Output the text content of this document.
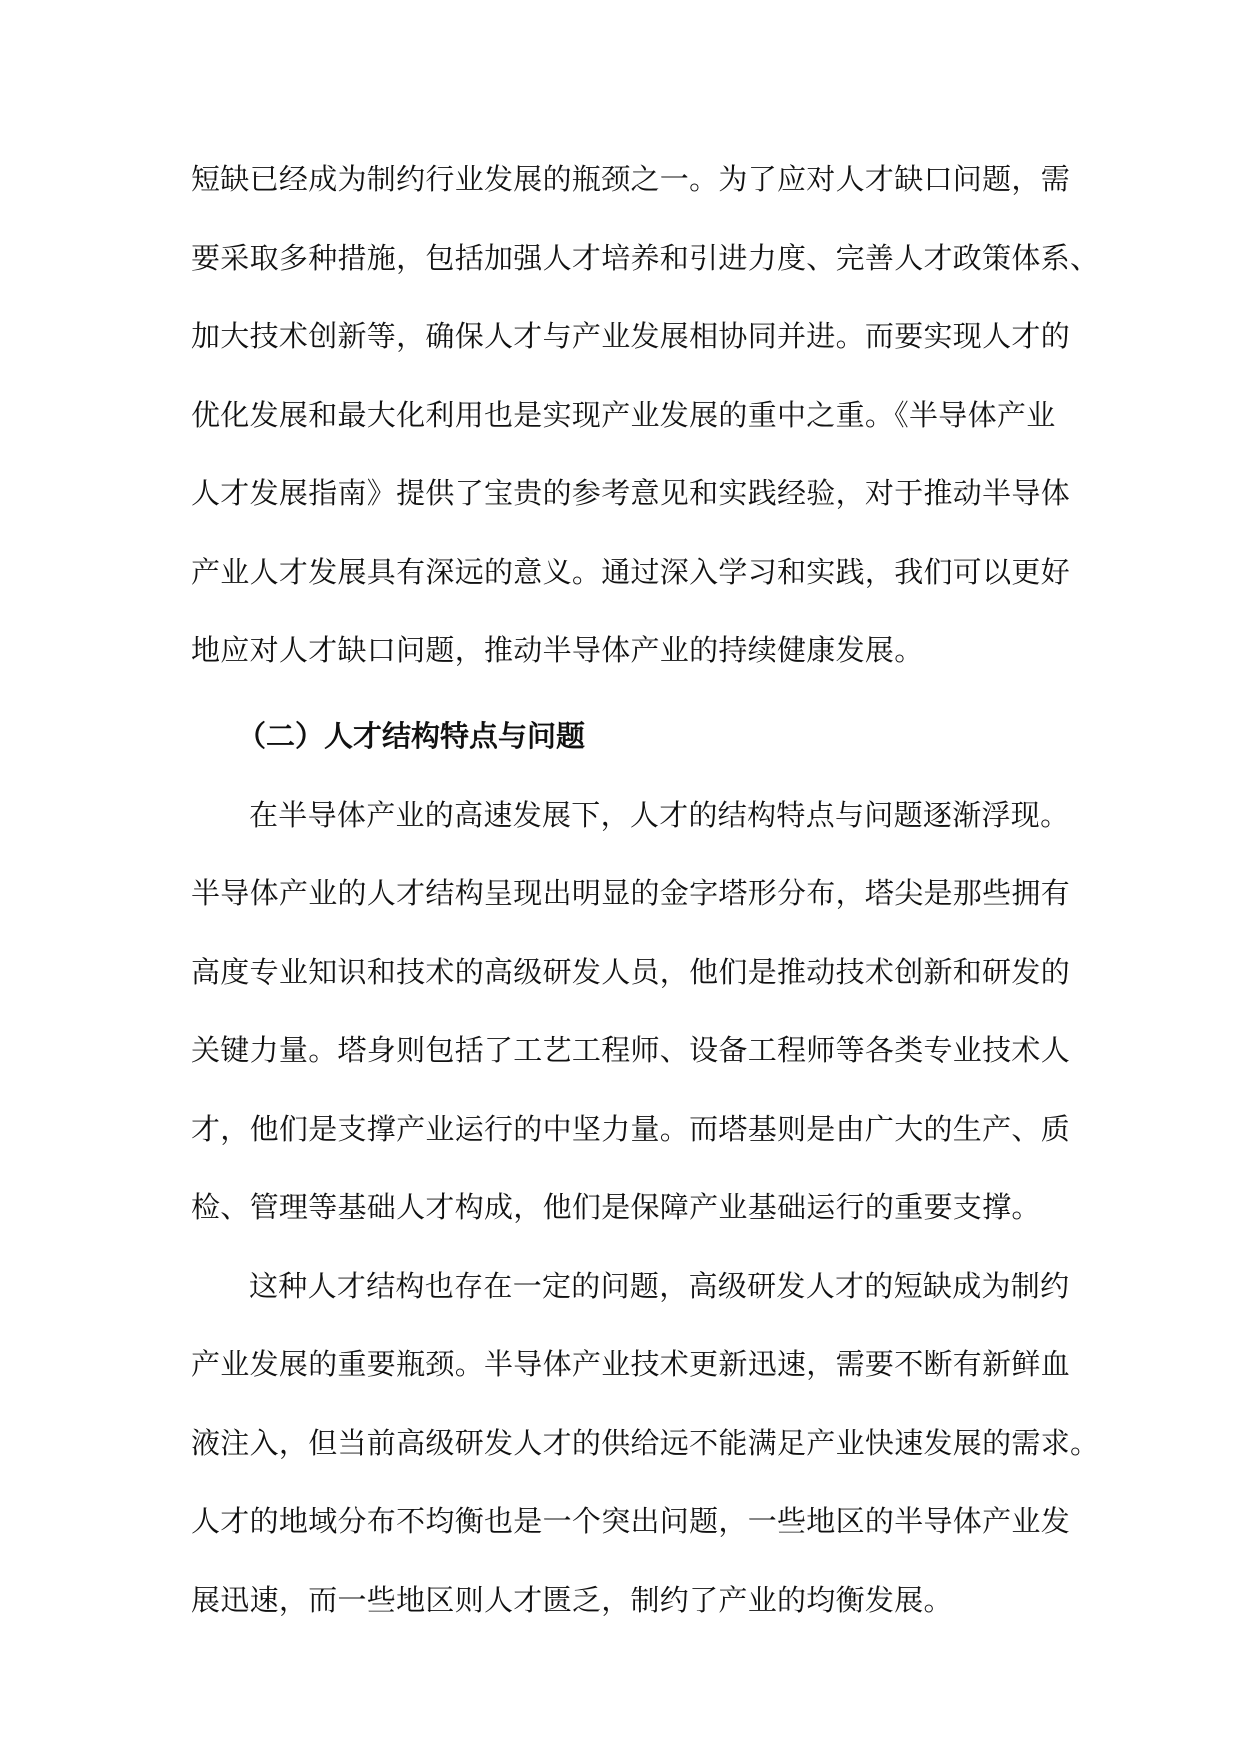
短缺已经成为制约行业发展的瓶颈之一。为了应对人才缺口问题，需
要采取多种措施，包括加强人才培养和引进力度、完善人才政策体系、
加大技术创新等，确保人才与产业发展相协同并进。而要实现人才的
优化发展和最大化利用也是实现产业发展的重中之重。《半导体产业
人才发展指南》提供了宝贵的参考意见和实践经验，对于推动半导体
产业人才发展具有深远的意义。通过深入学习和实践，我们可以更好
地应对人才缺口问题，推动半导体产业的持续健康发展。
（二）人才结构特点与问题
在半导体产业的高速发展下，人才的结构特点与问题逐渐浮现。
半导体产业的人才结构呈现出明显的金字塔形分布，塔尖是那些拥有
高度专业知识和技术的高级研发人员，他们是推动技术创新和研发的
关键力量。塔身则包括了工艺工程师、设备工程师等各类专业技术人
才，他们是支撑产业运行的中坚力量。而塔基则是由广大的生产、质
检、管理等基础人才构成，他们是保障产业基础运行的重要支撑。
这种人才结构也存在一定的问题，高级研发人才的短缺成为制约
产业发展的重要瓶颈。半导体产业技术更新迅速，需要不断有新鲜血
液注入，但当前高级研发人才的供给远不能满足产业快速发展的需求。
人才的地域分布不均衡也是一个突出问题，一些地区的半导体产业发
展迅速，而一些地区则人才匮乏，制约了产业的均衡发展。
